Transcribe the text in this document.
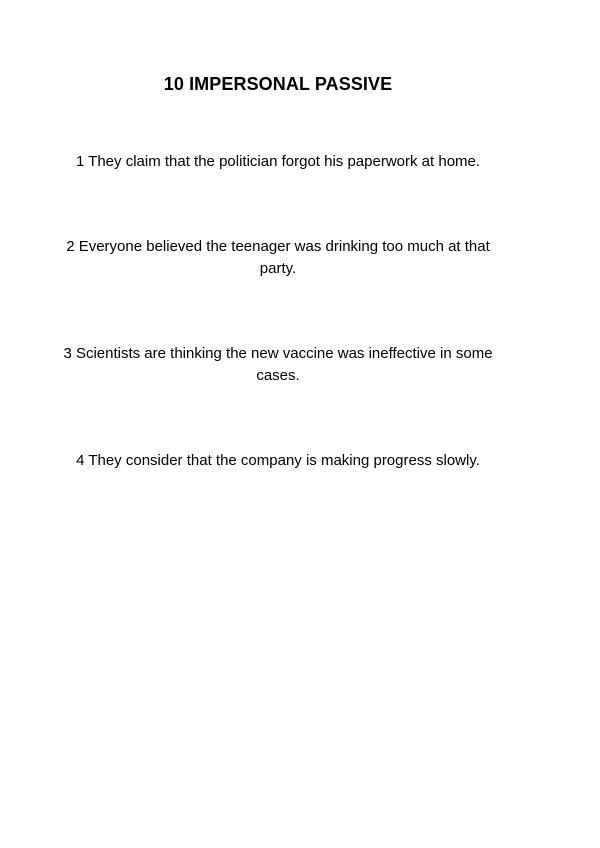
10 IMPERSONAL PASSIVE
1 They claim that the politician forgot his paperwork at home.
2 Everyone believed the teenager was drinking too much at that
party.
3 Scientists are thinking the new vaccine was ineffective in some
cases.
4 They consider that the company is making progress slowly.
